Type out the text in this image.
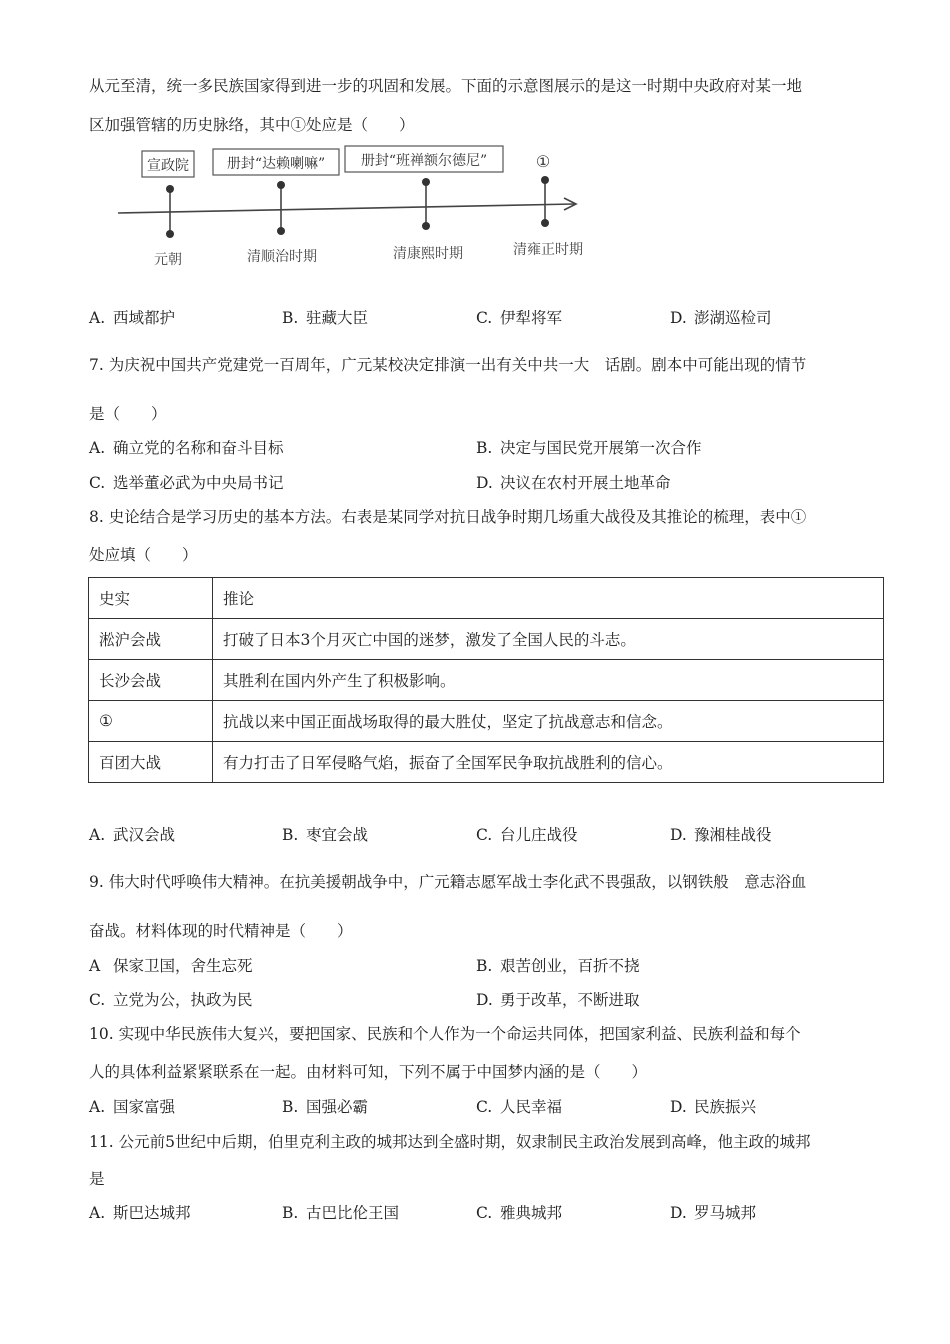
从元至清，统一多民族国家得到进一步的巩固和发展。下面的示意图展示的是这一时期中央政府对某一地
区加强管辖的历史脉络，其中①处应是（　　）
宣政院	册封“达赖喇嘛”	册封“班禅额尔德尼”	①
元朝	清顺治时期	清康熙时期	清雍正时期
A. 西域都护	B. 驻藏大臣	C. 伊犁将军	D. 澎湖巡检司
7. 为庆祝中国共产党建党一百周年，广元某校决定排演一出有关中共一大　话剧。剧本中可能出现的情节
是（　　）
A. 确立党的名称和奋斗目标	B. 决定与国民党开展第一次合作
C. 选举董必武为中央局书记	D. 决议在农村开展土地革命
8. 史论结合是学习历史的基本方法。右表是某同学对抗日战争时期几场重大战役及其推论的梳理，表中①
处应填（　　）
史实	推论
淞沪会战	打破了日本3个月灭亡中国的迷梦，激发了全国人民的斗志。
长沙会战	其胜利在国内外产生了积极影响。
①	抗战以来中国正面战场取得的最大胜仗，坚定了抗战意志和信念。
百团大战	有力打击了日军侵略气焰，振奋了全国军民争取抗战胜利的信心。
A. 武汉会战	B. 枣宜会战	C. 台儿庄战役	D. 豫湘桂战役
9. 伟大时代呼唤伟大精神。在抗美援朝战争中，广元籍志愿军战士李化武不畏强敌，以钢铁般　意志浴血
奋战。材料体现的时代精神是（　　）
A 保家卫国，舍生忘死	B. 艰苦创业，百折不挠
C. 立党为公，执政为民	D. 勇于改革，不断进取
10. 实现中华民族伟大复兴，要把国家、民族和个人作为一个命运共同体，把国家利益、民族利益和每个
人的具体利益紧紧联系在一起。由材料可知，下列不属于中国梦内涵的是（　　）
A. 国家富强	B. 国强必霸	C. 人民幸福	D. 民族振兴
11. 公元前5世纪中后期，伯里克利主政的城邦达到全盛时期，奴隶制民主政治发展到高峰，他主政的城邦
是
A. 斯巴达城邦	B. 古巴比伦王国	C. 雅典城邦	D. 罗马城邦
